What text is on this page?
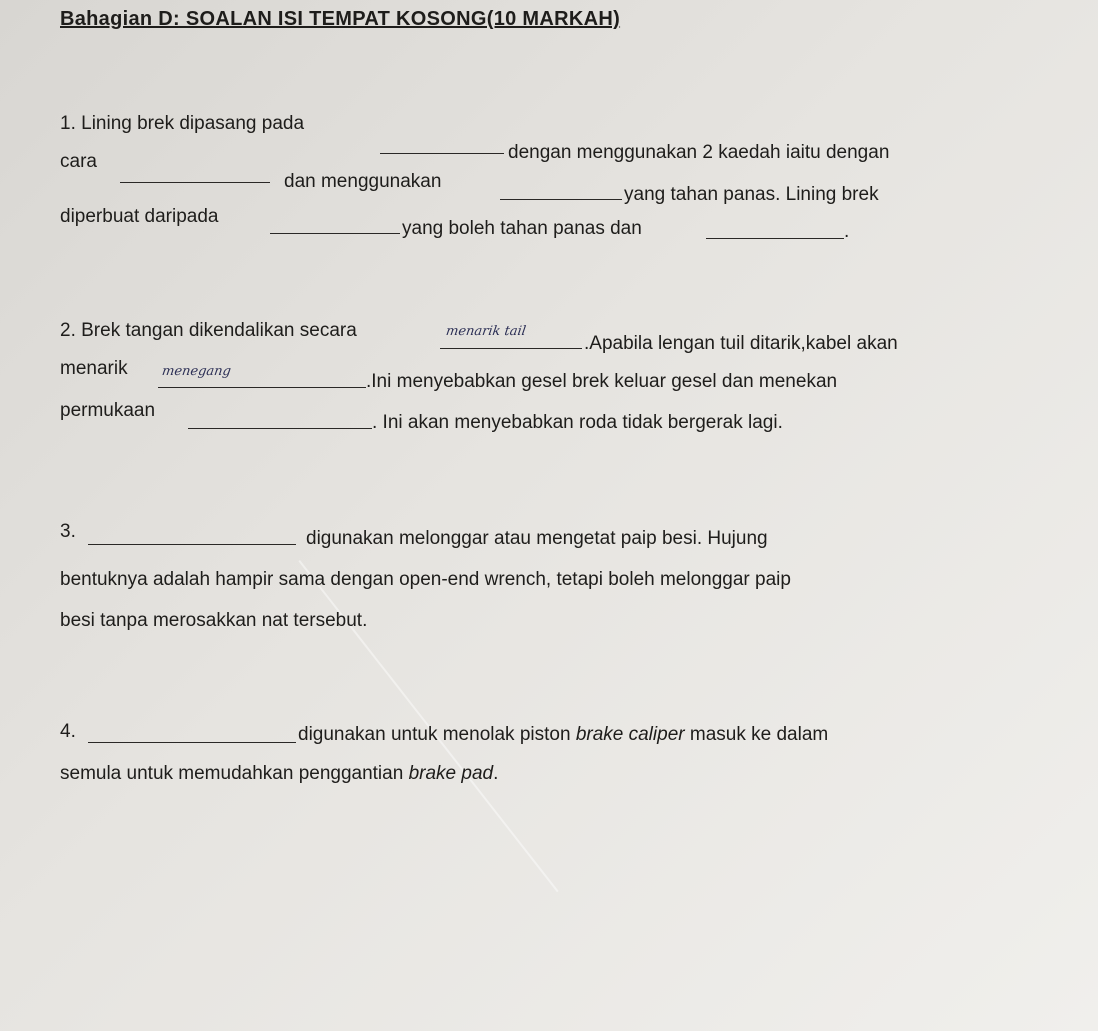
Bahagian D: SOALAN ISI TEMPAT KOSONG(10 MARKAH)
1. Lining brek dipasang pada
dengan menggunakan 2 kaedah iaitu dengan
cara
dan menggunakan
yang tahan panas. Lining brek
diperbuat daripada
yang boleh tahan panas dan	.
2. Brek tangan dikendalikan secara	menarik tail
.Apabila lengan tuil ditarik,kabel akan
menarik	menegang	.Ini menyebabkan gesel brek keluar gesel dan menekan
permukaan
. Ini akan menyebabkan roda tidak bergerak lagi.
3.	digunakan melonggar atau mengetat paip besi. Hujung
bentuknya adalah hampir sama dengan open-end wrench, tetapi boleh melonggar paip
besi tanpa merosakkan nat tersebut.
4.	digunakan untuk menolak piston brake caliper masuk ke dalam
semula untuk memudahkan penggantian brake pad.
